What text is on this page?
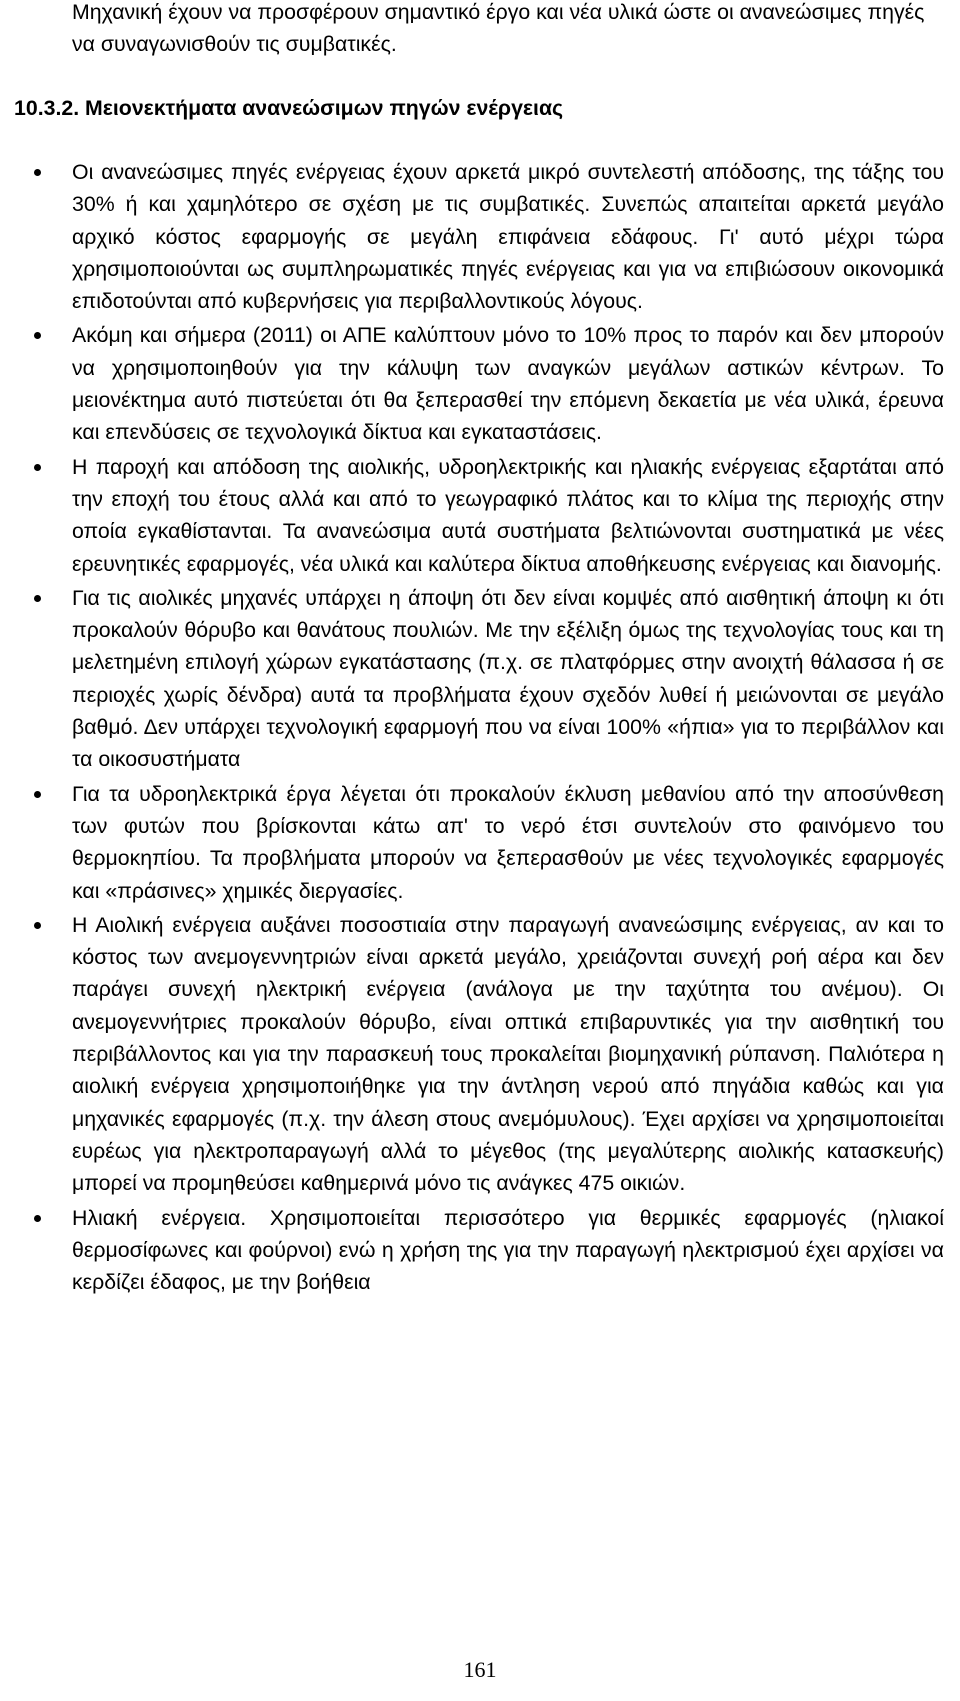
Μηχανική έχουν να προσφέρουν σημαντικό έργο και νέα υλικά ώστε οι ανανεώσιμες πηγές να συναγωνισθούν τις συμβατικές.

10.3.2. Μειονεκτήματα ανανεώσιμων πηγών ενέργειας
Οι ανανεώσιμες πηγές ενέργειας έχουν αρκετά μικρό συντελεστή απόδοσης, της τάξης του 30% ή και χαμηλότερο σε σχέση με τις συμβατικές. Συνεπώς απαιτείται αρκετά μεγάλο αρχικό κόστος εφαρμογής σε μεγάλη επιφάνεια εδάφους. Γι' αυτό μέχρι τώρα χρησιμοποιούνται ως συμπληρωματικές πηγές ενέργειας και για να επιβιώσουν οικονομικά επιδοτούνται από κυβερνήσεις για περιβαλλοντικούς λόγους.
Ακόμη και σήμερα (2011) οι ΑΠΕ καλύπτουν μόνο το 10% προς το παρόν και δεν μπορούν να χρησιμοποιηθούν για την κάλυψη των αναγκών μεγάλων αστικών κέντρων. Το μειονέκτημα αυτό πιστεύεται ότι θα ξεπερασθεί την επόμενη δεκαετία με νέα υλικά, έρευνα και επενδύσεις σε τεχνολογικά δίκτυα και εγκαταστάσεις.
Η παροχή και απόδοση της αιολικής, υδροηλεκτρικής και ηλιακής ενέργειας εξαρτάται από την εποχή του έτους αλλά και από το γεωγραφικό πλάτος και το κλίμα της περιοχής στην οποία εγκαθίστανται. Τα ανανεώσιμα αυτά συστήματα βελτιώνονται συστηματικά με νέες ερευνητικές εφαρμογές, νέα υλικά και καλύτερα δίκτυα αποθήκευσης ενέργειας και διανομής.
Για τις αιολικές μηχανές υπάρχει η άποψη ότι δεν είναι κομψές από αισθητική άποψη κι ότι προκαλούν θόρυβο και θανάτους πουλιών. Με την εξέλιξη όμως της τεχνολογίας τους και τη μελετημένη επιλογή χώρων εγκατάστασης (π.χ. σε πλατφόρμες στην ανοιχτή θάλασσα ή σε περιοχές χωρίς δένδρα) αυτά τα προβλήματα έχουν σχεδόν λυθεί ή μειώνονται σε μεγάλο βαθμό. Δεν υπάρχει τεχνολογική εφαρμογή που να είναι 100% «ήπια» για το περιβάλλον και τα οικοσυστήματα
Για τα υδροηλεκτρικά έργα λέγεται ότι προκαλούν έκλυση μεθανίου από την αποσύνθεση των φυτών που βρίσκονται κάτω απ' το νερό έτσι συντελούν στο φαινόμενο του θερμοκηπίου. Τα προβλήματα μπορούν να ξεπερασθούν με νέες τεχνολογικές εφαρμογές και «πράσινες» χημικές διεργασίες.
Η Αιολική ενέργεια αυξάνει ποσοστιαία στην παραγωγή ανανεώσιμης ενέργειας, αν και το κόστος των ανεμογεννητριών είναι αρκετά μεγάλο, χρειάζονται συνεχή ροή αέρα και δεν παράγει συνεχή ηλεκτρική ενέργεια (ανάλογα με την ταχύτητα του ανέμου). Οι ανεμογεννήτριες προκαλούν θόρυβο, είναι οπτικά επιβαρυντικές για την αισθητική του περιβάλλοντος και για την παρασκευή τους προκαλείται βιομηχανική ρύπανση. Παλιότερα η αιολική ενέργεια χρησιμοποιήθηκε για την άντληση νερού από πηγάδια καθώς και για μηχανικές εφαρμογές (π.χ. την άλεση στους ανεμόμυλους). Έχει αρχίσει να χρησιμοποιείται ευρέως για ηλεκτροπαραγωγή αλλά το μέγεθος (της μεγαλύτερης αιολικής κατασκευής) μπορεί να προμηθεύσει καθημερινά μόνο τις ανάγκες 475 οικιών.
Ηλιακή ενέργεια. Χρησιμοποιείται περισσότερο για θερμικές εφαρμογές (ηλιακοί θερμοσίφωνες και φούρνοι) ενώ η χρήση της για την παραγωγή ηλεκτρισμού έχει αρχίσει να κερδίζει έδαφος, με την βοήθεια

161
